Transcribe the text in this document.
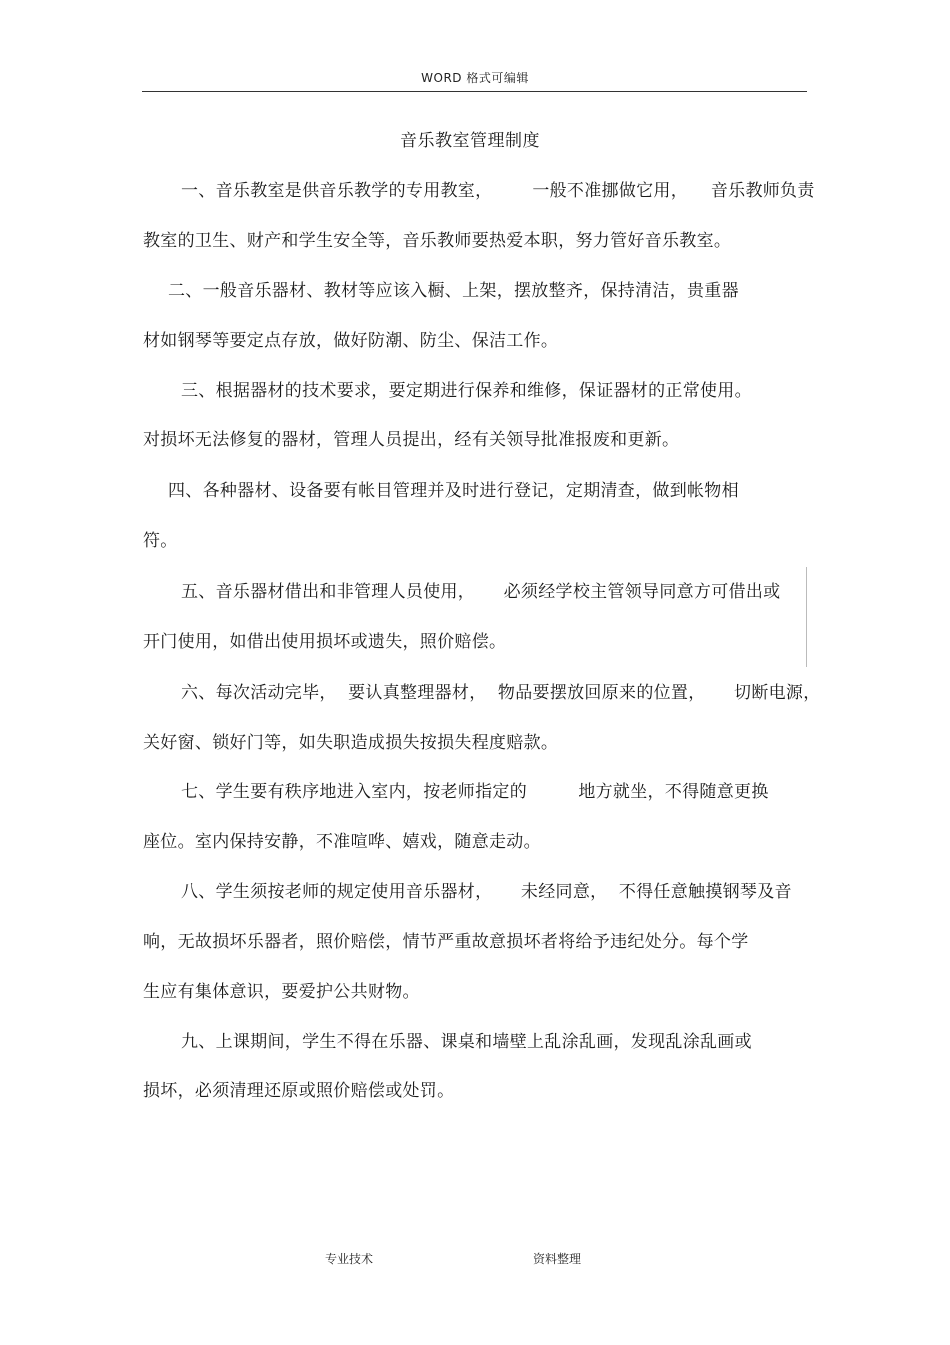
WORD 格式可编辑
音乐教室管理制度
一、音乐教室是供音乐教学的专用教室，       一般不准挪做它用，    音乐教师负责
教室的卫生、财产和学生安全等，音乐教师要热爱本职，努力管好音乐教室。
二、一般音乐器材、教材等应该入橱、上架，摆放整齐，保持清洁，贵重器
材如钢琴等要定点存放，做好防潮、防尘、保洁工作。
三、根据器材的技术要求，要定期进行保养和维修，保证器材的正常使用。
对损坏无法修复的器材，管理人员提出，经有关领导批准报废和更新。
四、各种器材、设备要有帐目管理并及时进行登记，定期清查，做到帐物相
符。
五、音乐器材借出和非管理人员使用，     必须经学校主管领导同意方可借出或
开门使用，如借出使用损坏或遗失，照价赔偿。
六、每次活动完毕，  要认真整理器材，  物品要摆放回原来的位置，     切断电源，
关好窗、锁好门等，如失职造成损失按损失程度赔款。
七、学生要有秩序地进入室内，按老师指定的         地方就坐，不得随意更换
座位。室内保持安静，不准喧哗、嬉戏，随意走动。
八、学生须按老师的规定使用音乐器材，     未经同意，  不得任意触摸钢琴及音
响，无故损坏乐器者，照价赔偿，情节严重故意损坏者将给予违纪处分。每个学
生应有集体意识，要爱护公共财物。
九、上课期间，学生不得在乐器、课桌和墙壁上乱涂乱画，发现乱涂乱画或
损坏，必须清理还原或照价赔偿或处罚。
专业技术	资料整理
